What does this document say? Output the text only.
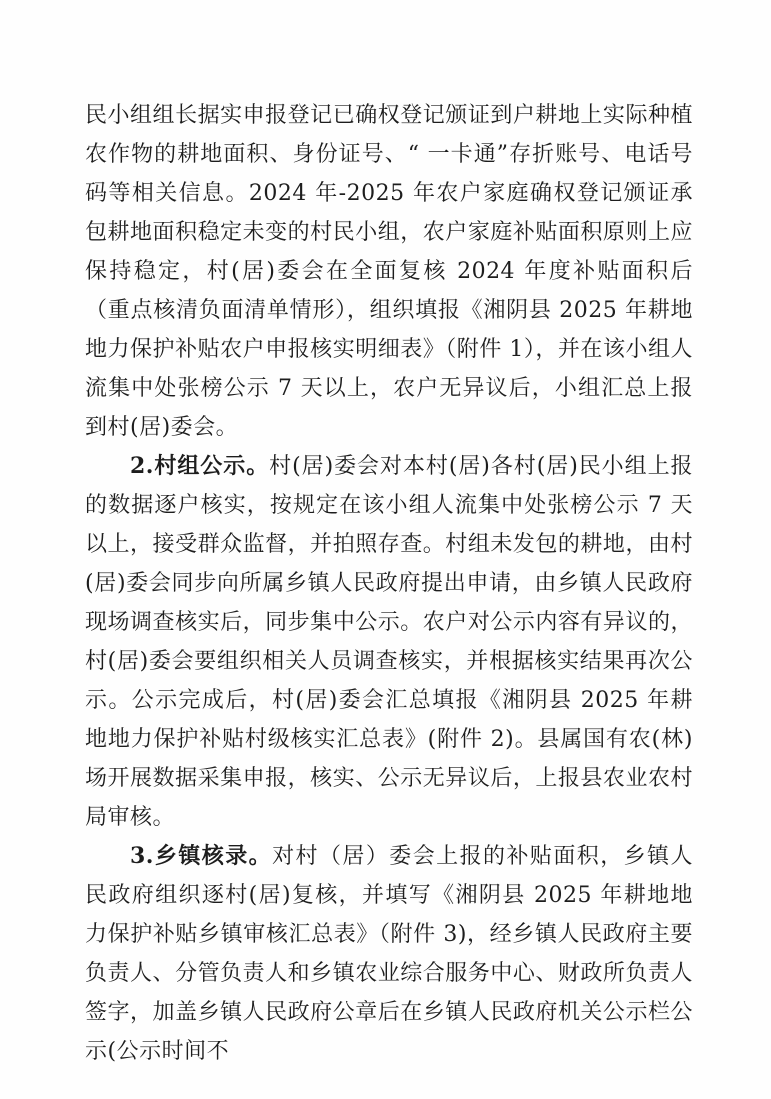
民小组组长据实申报登记已确权登记颁证到户耕地上实际种植农作物的耕地面积、身份证号、“ 一卡通”存折账号、电话号码等相关信息。2024 年-2025 年农户家庭确权登记颁证承包耕地面积稳定未变的村民小组，农户家庭补贴面积原则上应保持稳定，村(居)委会在全面复核 2024 年度补贴面积后（重点核清负面清单情形），组织填报《湘阴县 2025 年耕地地力保护补贴农户申报核实明细表》（附件 1），并在该小组人流集中处张榜公示 7 天以上，农户无异议后，小组汇总上报到村(居)委会。

2.村组公示。村(居)委会对本村(居)各村(居)民小组上报的数据逐户核实，按规定在该小组人流集中处张榜公示 7 天以上，接受群众监督，并拍照存查。村组未发包的耕地，由村(居)委会同步向所属乡镇人民政府提出申请，由乡镇人民政府现场调查核实后，同步集中公示。农户对公示内容有异议的，村(居)委会要组织相关人员调查核实，并根据核实结果再次公示。公示完成后，村(居)委会汇总填报《湘阴县 2025 年耕地地力保护补贴村级核实汇总表》(附件 2)。县属国有农(林)场开展数据采集申报，核实、公示无异议后，上报县农业农村局审核。

3.乡镇核录。对村（居）委会上报的补贴面积，乡镇人民政府组织逐村(居)复核，并填写《湘阴县 2025 年耕地地力保护补贴乡镇审核汇总表》（附件 3)，经乡镇人民政府主要负责人、分管负责人和乡镇农业综合服务中心、财政所负责人签字，加盖乡镇人民政府公章后在乡镇人民政府机关公示栏公示(公示时间不
